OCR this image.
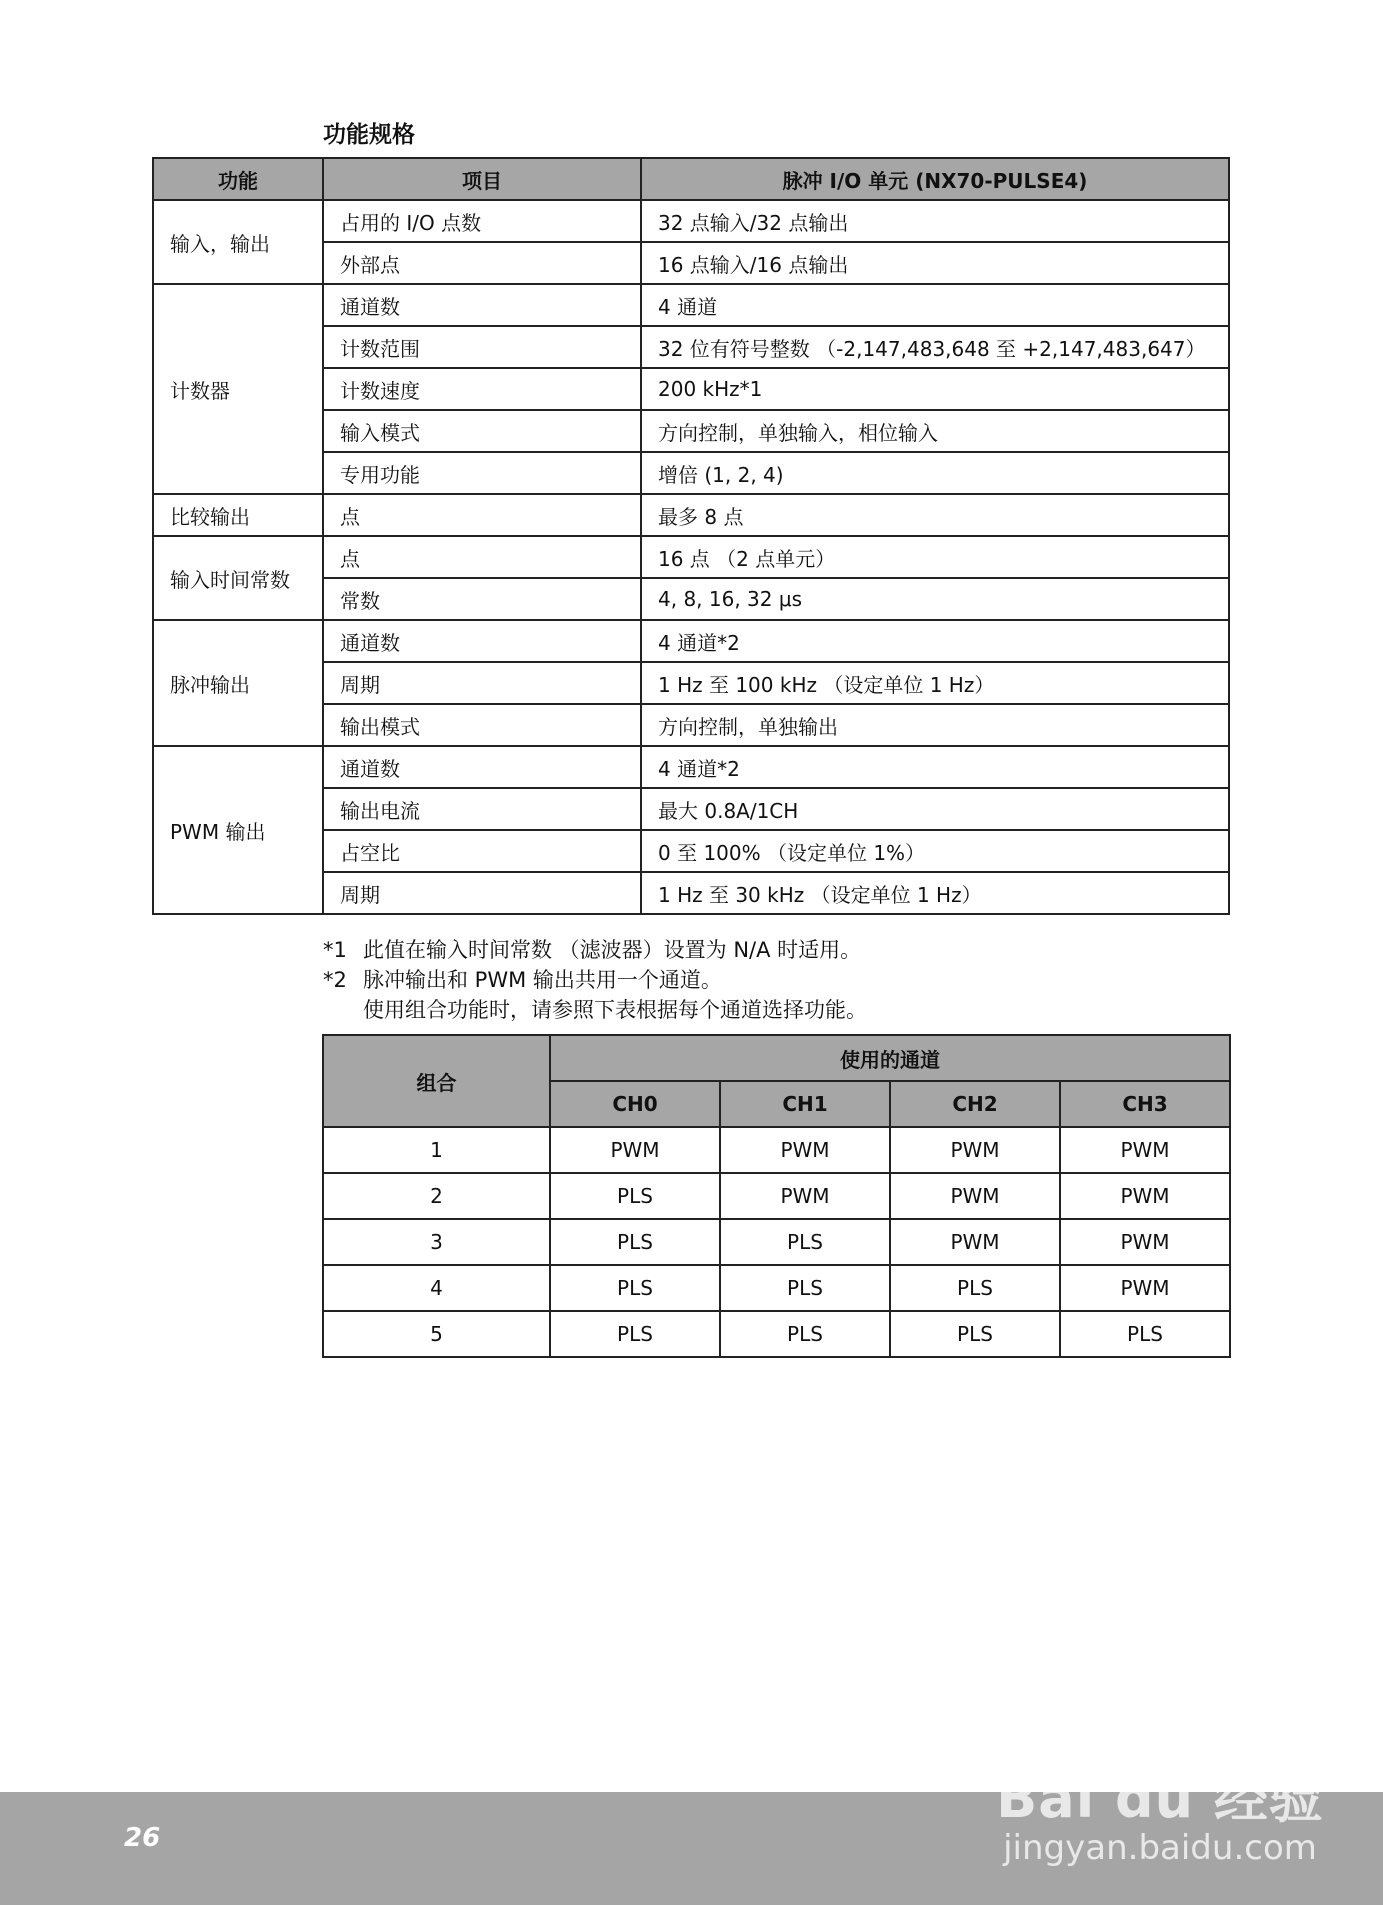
功能规格
功能	项目	脉冲 I/O 单元 (NX70-PULSE4)
输入，输出	占用的 I/O 点数	32 点输入/32 点输出
	外部点	16 点输入/16 点输出
计数器	通道数	4 通道
	计数范围	32 位有符号整数 （-2,147,483,648 至 +2,147,483,647）
	计数速度	200 kHz*1
	输入模式	方向控制，单独输入，相位输入
	专用功能	增倍 (1, 2, 4)
比较输出	点	最多 8 点
输入时间常数	点	16 点 （2 点单元）
	常数	4, 8, 16, 32 μs
脉冲输出	通道数	4 通道*2
	周期	1 Hz 至 100 kHz （设定单位 1 Hz）
	输出模式	方向控制，单独输出
PWM 输出	通道数	4 通道*2
	输出电流	最大 0.8A/1CH
	占空比	0 至 100% （设定单位 1%）
	周期	1 Hz 至 30 kHz （设定单位 1 Hz）
*1 此值在输入时间常数 （滤波器）设置为 N/A 时适用。
*2 脉冲输出和 PWM 输出共用一个通道。
使用组合功能时，请参照下表根据每个通道选择功能。
组合	使用的通道			
	CH0	CH1	CH2	CH3
1	PWM	PWM	PWM	PWM
2	PLS	PWM	PWM	PWM
3	PLS	PLS	PWM	PWM
4	PLS	PLS	PLS	PWM
5	PLS	PLS	PLS	PLS
26
❀
Bai du 经验
jingyan.baidu.com
